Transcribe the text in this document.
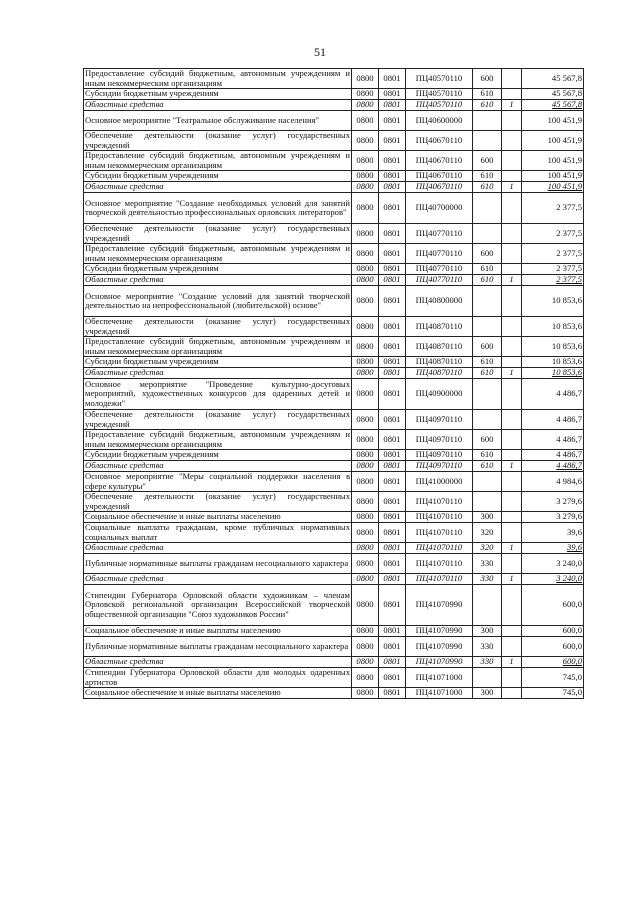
51
Предоставление субсидий бюджетным, автономным учреждениям и иным некоммерческим организациям	0800	0801	ПЦ40570110	600		45 567,8
Субсидии бюджетным учреждениям	0800	0801	ПЦ40570110	610		45 567,8
Областные средства	0800	0801	ПЦ40570110	610	1	45 567,8
Основное мероприятие "Театральное обслуживание населения"	0800	0801	ПЦ40600000			100 451,9
Обеспечение деятельности (оказание услуг) государственных учреждений	0800	0801	ПЦ40670110			100 451,9
Предоставление субсидий бюджетным, автономным учреждениям и иным некоммерческим организациям	0800	0801	ПЦ40670110	600		100 451,9
Субсидии бюджетным учреждениям	0800	0801	ПЦ40670110	610		100 451,9
Областные средства	0800	0801	ПЦ40670110	610	1	100 451,9
Основное мероприятие "Создание необходимых условий для занятий творческой деятельностью профессиональных орловских литераторов"	0800	0801	ПЦ40700000			2 377,5
Обеспечение деятельности (оказание услуг) государственных учреждений	0800	0801	ПЦ40770110			2 377,5
Предоставление субсидий бюджетным, автономным учреждениям и иным некоммерческим организациям	0800	0801	ПЦ40770110	600		2 377,5
Субсидии бюджетным учреждениям	0800	0801	ПЦ40770110	610		2 377,5
Областные средства	0800	0801	ПЦ40770110	610	1	2 377,5
Основное мероприятие "Создание условий для занятий творческой деятельностью на непрофессиональной (любительской) основе"	0800	0801	ПЦ40800000			10 853,6
Обеспечение деятельности (оказание услуг) государственных учреждений	0800	0801	ПЦ40870110			10 853,6
Предоставление субсидий бюджетным, автономным учреждениям и иным некоммерческим организациям	0800	0801	ПЦ40870110	600		10 853,6
Субсидии бюджетным учреждениям	0800	0801	ПЦ40870110	610		10 853,6
Областные средства	0800	0801	ПЦ40870110	610	1	10 853,6
Основное мероприятие "Проведение культурно-досуговых мероприятий, художественных конкурсов для одаренных детей и молодежи"	0800	0801	ПЦ40900000			4 486,7
Обеспечение деятельности (оказание услуг) государственных учреждений	0800	0801	ПЦ40970110			4 486,7
Предоставление субсидий бюджетным, автономным учреждениям и иным некоммерческим организациям	0800	0801	ПЦ40970110	600		4 486,7
Субсидии бюджетным учреждениям	0800	0801	ПЦ40970110	610		4 486,7
Областные средства	0800	0801	ПЦ40970110	610	1	4 486,7
Основное мероприятие "Меры социальной поддержки населения в сфере культуры"	0800	0801	ПЦ41000000			4 984,6
Обеспечение деятельности (оказание услуг) государственных учреждений	0800	0801	ПЦ41070110			3 279,6
Социальное обеспечение и иные выплаты населению	0800	0801	ПЦ41070110	300		3 279,6
Социальные выплаты гражданам, кроме публичных нормативных социальных выплат	0800	0801	ПЦ41070110	320		39,6
Областные средства	0800	0801	ПЦ41070110	320	1	39,6
Публичные нормативные выплаты гражданам несоциального характера	0800	0801	ПЦ41070110	330		3 240,0
Областные средства	0800	0801	ПЦ41070110	330	1	3 240,0
Стипендии Губернатора Орловской области художникам – членам Орловской региональной организации Всероссийской творческой общественной организации "Союз художников России"	0800	0801	ПЦ41070990			600,0
Социальное обеспечение и иные выплаты населению	0800	0801	ПЦ41070990	300		600,0
Публичные нормативные выплаты гражданам несоциального характера	0800	0801	ПЦ41070990	330		600,0
Областные средства	0800	0801	ПЦ41070990	330	1	600,0
Стипендии Губернатора Орловской области для молодых одаренных артистов	0800	0801	ПЦ41071000			745,0
Социальное обеспечение и иные выплаты населению	0800	0801	ПЦ41071000	300		745,0
